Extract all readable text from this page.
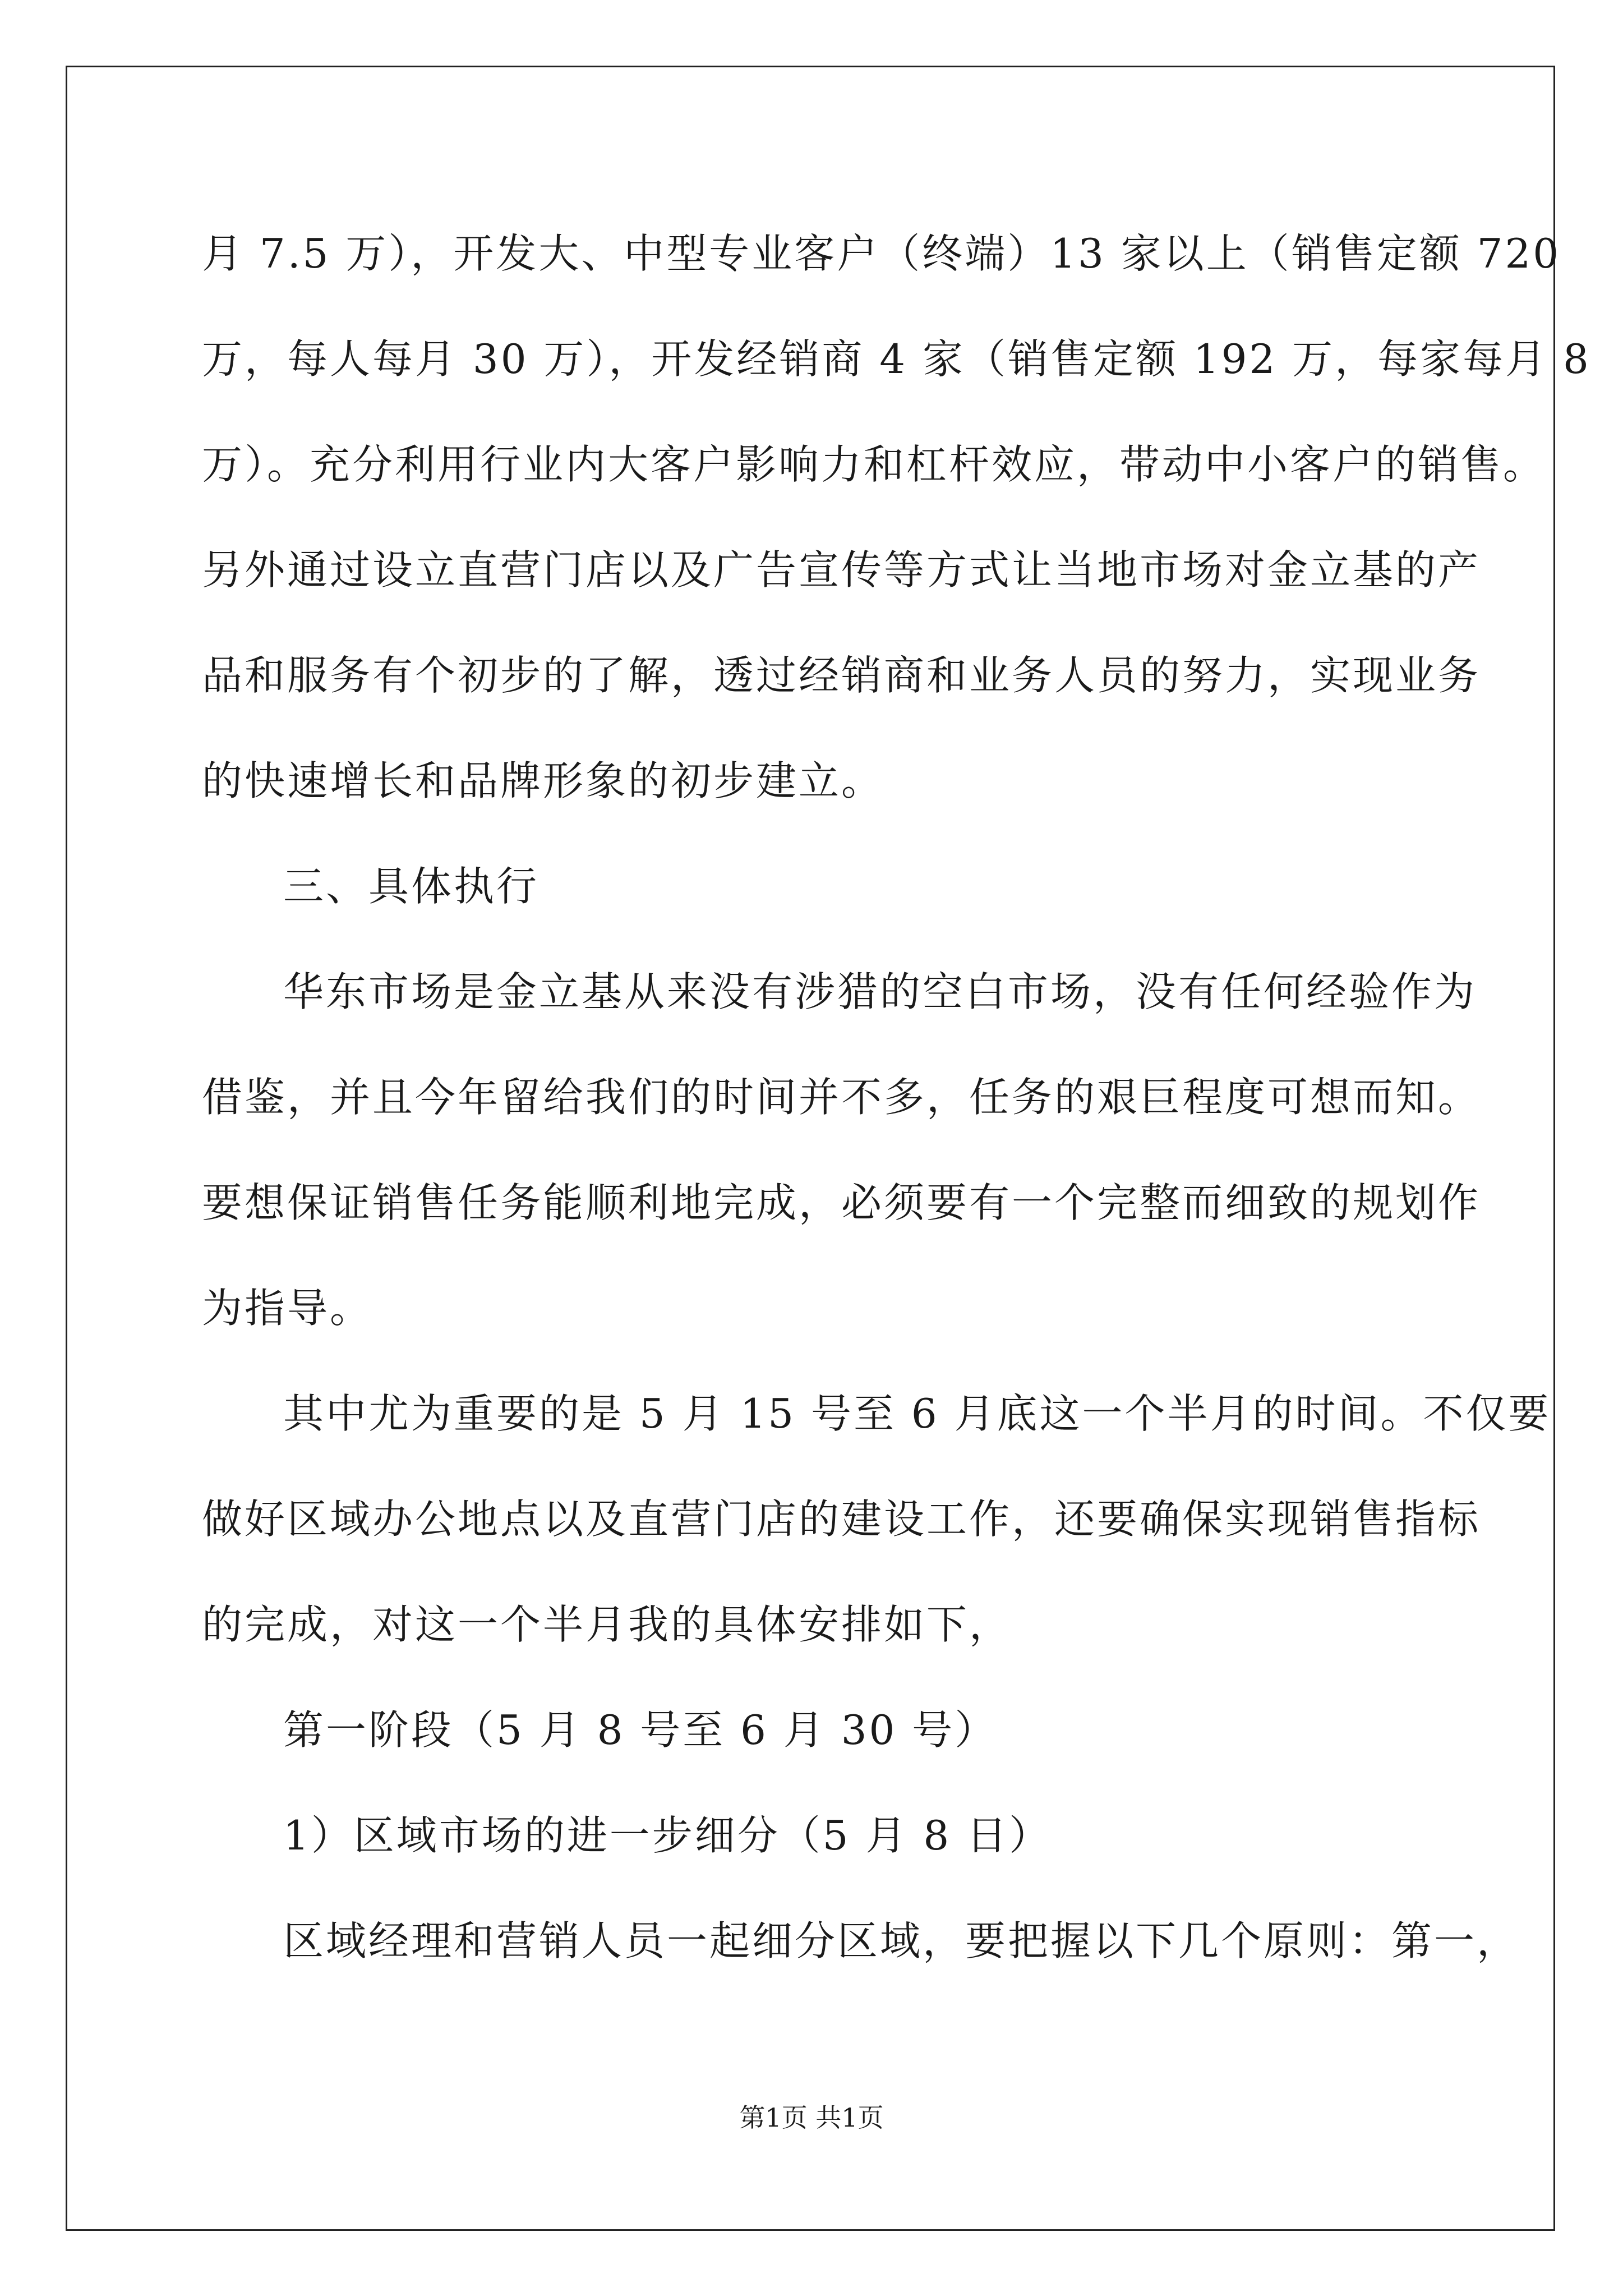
月 7.5 万），开发大、中型专业客户（终端）13 家以上（销售定额 720
万，每人每月 30 万），开发经销商 4 家（销售定额 192 万，每家每月 8
万）。充分利用行业内大客户影响力和杠杆效应，带动中小客户的销售。
另外通过设立直营门店以及广告宣传等方式让当地市场对金立基的产
品和服务有个初步的了解，透过经销商和业务人员的努力，实现业务
的快速增长和品牌形象的初步建立。
三、具体执行
华东市场是金立基从来没有涉猎的空白市场，没有任何经验作为
借鉴，并且今年留给我们的时间并不多，任务的艰巨程度可想而知。
要想保证销售任务能顺利地完成，必须要有一个完整而细致的规划作
为指导。
其中尤为重要的是 5 月 15 号至 6 月底这一个半月的时间。不仅要
做好区域办公地点以及直营门店的建设工作，还要确保实现销售指标
的完成，对这一个半月我的具体安排如下，
第一阶段（5 月 8 号至 6 月 30 号）
1）区域市场的进一步细分（5 月 8 日）
区域经理和营销人员一起细分区域，要把握以下几个原则：第一，
第1页 共1页
